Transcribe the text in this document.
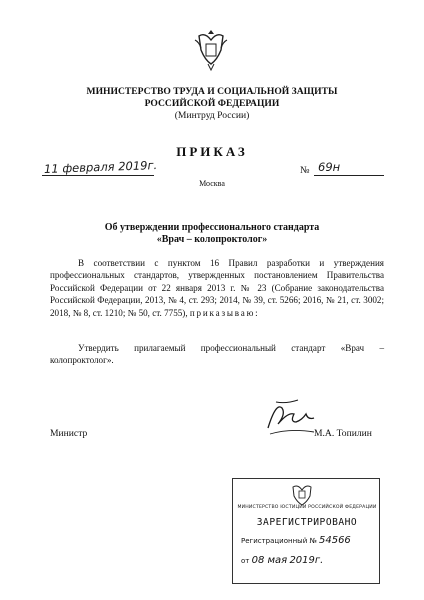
МИНИСТЕРСТВО ТРУДА И СОЦИАЛЬНОЙ ЗАЩИТЫ
РОССИЙСКОЙ ФЕДЕРАЦИИ
(Минтруд России)
ПРИКАЗ
11 февраля 2019г.	№ 69н
Москва
Об утверждении профессионального стандарта
«Врач – колопроктолог»
В соответствии с пунктом 16 Правил разработки и утверждения профессиональных стандартов, утвержденных постановлением Правительства Российской Федерации от 22 января 2013 г. № 23 (Собрание законодательства Российской Федерации, 2013, № 4, ст. 293; 2014, № 39, ст. 5266; 2016, № 21, ст. 3002; 2018, № 8, ст. 1210; № 50, ст. 7755), приказываю:
Утвердить прилагаемый профессиональный стандарт «Врач – колопроктолог».
Министр	М.А. Топилин
МИНИСТЕРСТВО ЮСТИЦИИ РОССИЙСКОЙ ФЕДЕРАЦИИ
ЗАРЕГИСТРИРОВАНО
Регистрационный № 54566
от 08 мая 2019г.
